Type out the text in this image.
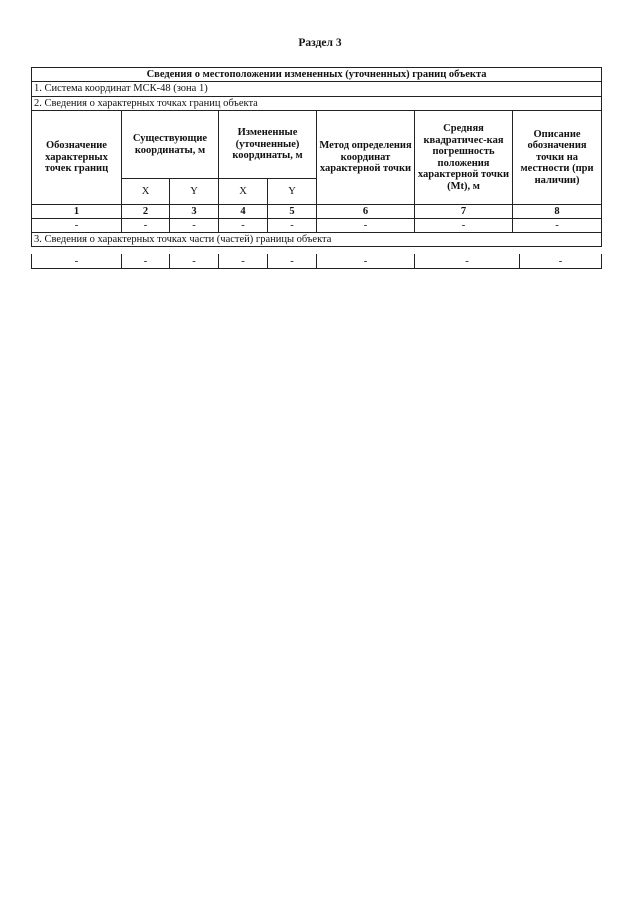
Раздел 3
Сведения о местоположении измененных (уточненных) границ объекта							
1. Система координат МСК-48 (зона 1)							
2. Сведения о характерных точках границ объекта							
Обозначение характерных точек границ	Существующие координаты, м		Измененные (уточненные) координаты, м		Метод определения координат характерной точки	Средняя квадратичес-кая погрешность положения характерной точки (Mt), м	Описание обозначения точки на местности (при наличии)
	X	Y	X	Y			
1	2	3	4	5	6	7	8
-	-	-	-	-	-	-	-
3. Сведения о характерных точках части (частей) границы объекта							
-	-	-	-	-	-	-	-
